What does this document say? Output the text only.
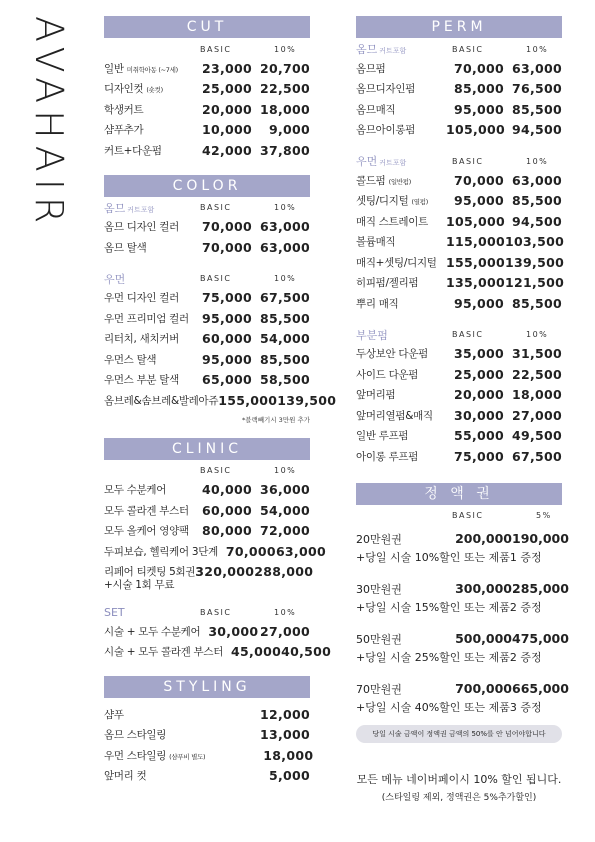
AVAHAIR	CUT
BASIC	10%
일반 미취학아동 (~7세)	23,000 20,700
디자인컷 (숏컷)	25,000 22,500
학생커트	20,000 18,000
샴푸추가	10,000	9,000
커트+다운펌	42,000 37,800
COLOR
옴므 커트포함	BASIC	10%
옴므 디자인 컬러	70,000 63,000
옴므 탈색	70,000 63,000
우먼	BASIC	10%
우먼 디자인 컬러	75,000 67,500
우먼 프리미엄 컬러	95,000 85,500
리터치, 새치커버	60,000 54,000
우먼스 탈색	95,000 85,500
우먼스 부분 탈색	65,000 58,500
옴브레&솜브레&발레아쥬 155,000 139,500
*블랙빼기시 3만원 추가
CLINIC
BASIC	10%
모두 수분케어	40,000 36,000
모두 콜라겐 부스터	60,000 54,000
모두 올케어 영양팩	80,000 72,000
두피보습, 헬릭케어 3단계 70,000 63,000
리페어 티켓팅 5회권 320,000 288,000
+시술 1회 무료
SET	BASIC	10%
시술 + 모두 수분케어 30,000 27,000
시술 + 모두 콜라겐 부스터 45,000 40,500
STYLING
샴푸	12,000
옴므 스타일링	13,000
우먼 스타일링 (샴푸비 별도)	18,000
앞머리 컷	5,000
PERM
옴므 커트포함	BASIC	10%
옴므펌	70,000 63,000
옴므디자인펌	85,000 76,500
옴므매직	95,000 85,500
옴므아이롱펌	105,000 94,500
우먼 커트포함	BASIC	10%
콜드펌 (일반펌)	70,000 63,000
셋팅/디지털 (열펌)	95,000 85,500
매직 스트레이트	105,000 94,500
볼륨매직	115,000 103,500
매직+셋팅/디지털 155,000 139,500
히피펌/젤리펌	135,000 121,500
뿌리 매직	95,000 85,500
부분펌	BASIC	10%
두상보안 다운펌	35,000 31,500
사이드 다운펌	25,000 22,500
앞머리펌	20,000 18,000
앞머리열펌&매직	30,000 27,000
일반 루프펌	55,000 49,500
아이롱 루프펌	75,000 67,500
정 액 권
BASIC	5%
20만원권	200,000 190,000
+당일 시술 10%할인 또는 제품1 증정
30만원권	300,000 285,000
+당일 시술 15%할인 또는 제품2 증정
50만원권	500,000 475,000
+당일 시술 25%할인 또는 제품2 증정
70만원권	700,000 665,000
+당일 시술 40%할인 또는 제품3 증정
당일 시술 금액이 정액권 금액의 50%를 안 넘어야합니다
모든 메뉴 네이버페이시 10% 할인 됩니다.
(스타일링 제외, 정액권은 5%추가할인)
